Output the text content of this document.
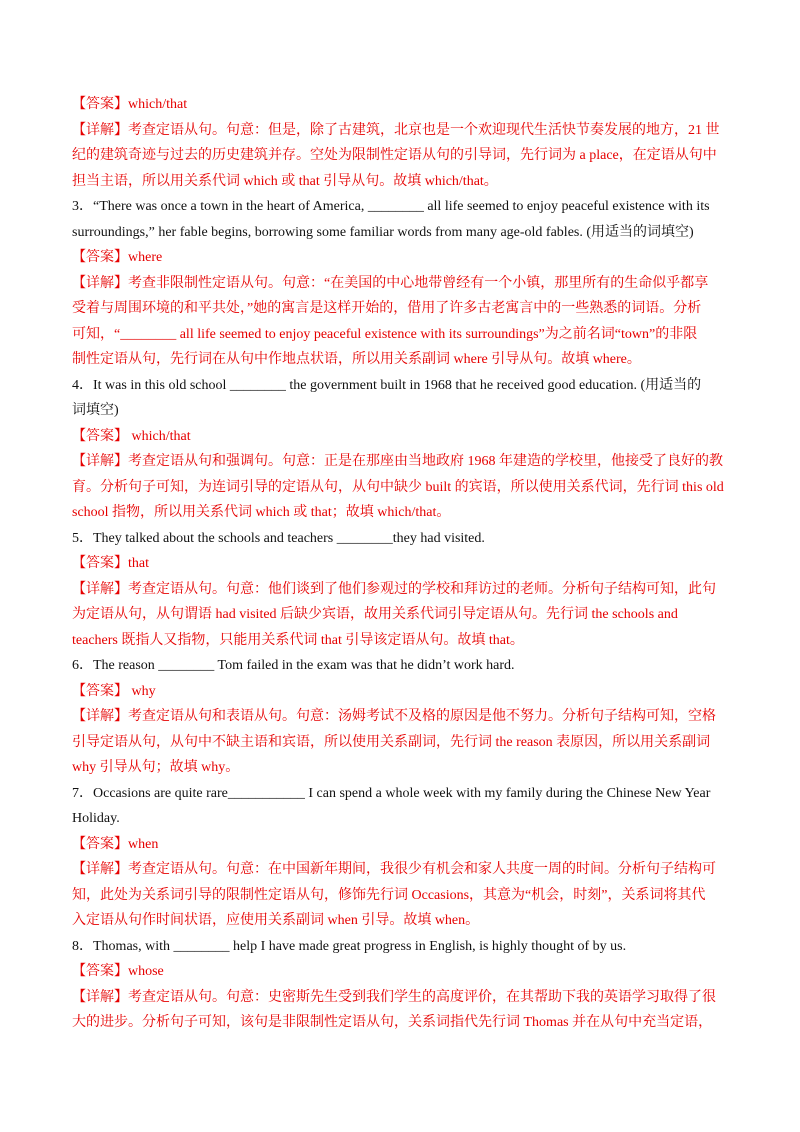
【答案】which/that

【详解】考查定语从句。句意：但是，除了古建筑，北京也是一个欢迎现代生活快节奏发展的地方，21 世

纪的建筑奇迹与过去的历史建筑并存。空处为限制性定语从句的引导词，先行词为 a place，在定语从句中

担当主语，所以用关系代词 which 或 that 引导从句。故填 which/that。

3．“There was once a town in the heart of America, ________ all life seemed to enjoy peaceful existence with its

surroundings,” her fable begins, borrowing some familiar words from many age-old fables. (用适当的词填空)

【答案】where

【详解】考查非限制性定语从句。句意：“在美国的中心地带曾经有一个小镇，那里所有的生命似乎都享

受着与周围环境的和平共处，”她的寓言是这样开始的，借用了许多古老寓言中的一些熟悉的词语。分析

可知，“________ all life seemed to enjoy peaceful existence with its surroundings”为之前名词“town”的非限

制性定语从句，先行词在从句中作地点状语，所以用关系副词 where 引导从句。故填 where。

4．It was in this old school ________ the government built in 1968 that he received good education. (用适当的

词填空)

【答案】 which/that

【详解】考查定语从句和强调句。句意：正是在那座由当地政府 1968 年建造的学校里，他接受了良好的教

育。分析句子可知，为连词引导的定语从句，从句中缺少 built 的宾语，所以使用关系代词，先行词 this old

school 指物，所以用关系代词 which 或 that；故填 which/that。

5．They talked about the schools and teachers ________they had visited.

【答案】that

【详解】考查定语从句。句意：他们谈到了他们参观过的学校和拜访过的老师。分析句子结构可知，此句

为定语从句，从句谓语 had visited 后缺少宾语，故用关系代词引导定语从句。先行词 the schools and

teachers 既指人又指物，只能用关系代词 that 引导该定语从句。故填 that。

6．The reason ________ Tom failed in the exam was that he didn’t work hard.

【答案】 why

【详解】考查定语从句和表语从句。句意：汤姆考试不及格的原因是他不努力。分析句子结构可知，空格

引导定语从句，从句中不缺主语和宾语，所以使用关系副词，先行词 the reason 表原因，所以用关系副词

why 引导从句；故填 why。

7．Occasions are quite rare___________ I can spend a whole week with my family during the Chinese New Year

Holiday.

【答案】when

【详解】考查定语从句。句意：在中国新年期间，我很少有机会和家人共度一周的时间。分析句子结构可

知，此处为关系词引导的限制性定语从句，修饰先行词 Occasions，其意为“机会，时刻”，关系词将其代

入定语从句作时间状语，应使用关系副词 when 引导。故填 when。

8．Thomas, with ________ help I have made great progress in English, is highly thought of by us.

【答案】whose

【详解】考查定语从句。句意：史密斯先生受到我们学生的高度评价，在其帮助下我的英语学习取得了很

大的进步。分析句子可知，该句是非限制性定语从句，关系词指代先行词 Thomas 并在从句中充当定语，
